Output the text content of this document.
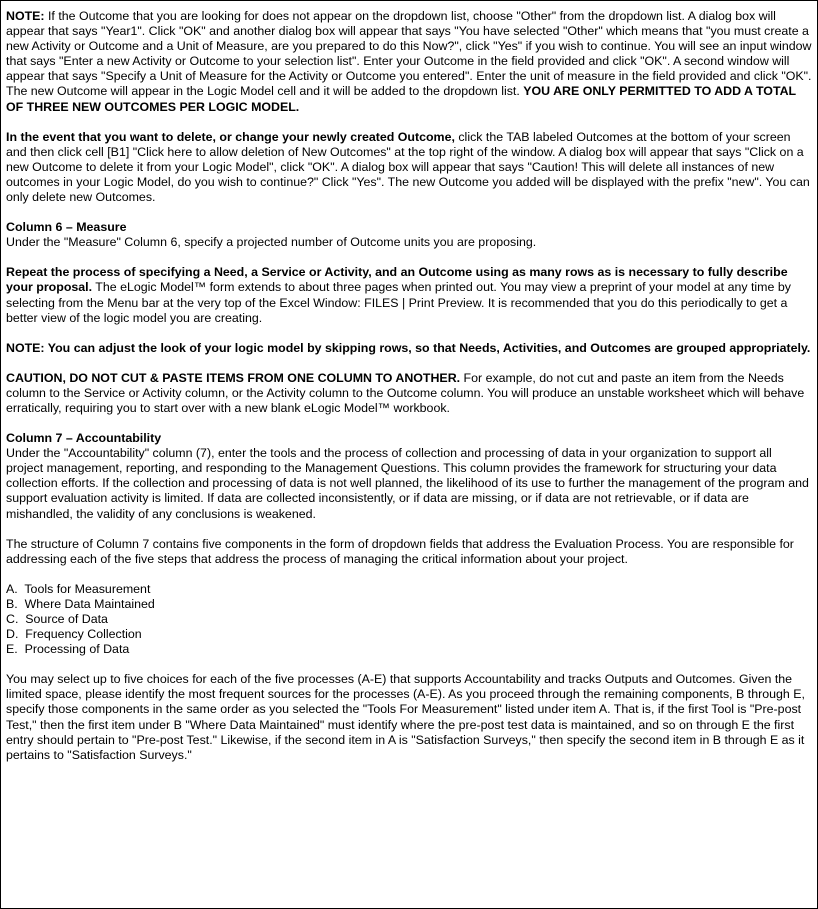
NOTE: If the Outcome that you are looking for does not appear on the dropdown list, choose "Other" from the dropdown list. A dialog box will appear that says "Year1". Click "OK" and another dialog box will appear that says "You have selected "Other" which means that "you must create a new Activity or Outcome and a Unit of Measure, are you prepared to do this Now?", click "Yes" if you wish to continue. You will see an input window that says "Enter a new Activity or Outcome to your selection list". Enter your Outcome in the field provided and click "OK". A second window will appear that says "Specify a Unit of Measure for the Activity or Outcome you entered". Enter the unit of measure in the field provided and click "OK". The new Outcome will appear in the Logic Model cell and it will be added to the dropdown list. YOU ARE ONLY PERMITTED TO ADD A TOTAL OF THREE NEW OUTCOMES PER LOGIC MODEL.

In the event that you want to delete, or change your newly created Outcome, click the TAB labeled Outcomes at the bottom of your screen and then click cell [B1] "Click here to allow deletion of New Outcomes" at the top right of the window. A dialog box will appear that says "Click on a new Outcome to delete it from your Logic Model", click "OK". A dialog box will appear that says "Caution! This will delete all instances of new outcomes in your Logic Model, do you wish to continue?" Click "Yes". The new Outcome you added will be displayed with the prefix "new". You can only delete new Outcomes.

Column 6 – Measure

Under the "Measure" Column 6, specify a projected number of Outcome units you are proposing.

Repeat the process of specifying a Need, a Service or Activity, and an Outcome using as many rows as is necessary to fully describe your proposal. The eLogic Model™ form extends to about three pages when printed out. You may view a preprint of your model at any time by selecting from the Menu bar at the very top of the Excel Window: FILES | Print Preview. It is recommended that you do this periodically to get a better view of the logic model you are creating.

NOTE: You can adjust the look of your logic model by skipping rows, so that Needs, Activities, and Outcomes are grouped appropriately.

CAUTION, DO NOT CUT & PASTE ITEMS FROM ONE COLUMN TO ANOTHER. For example, do not cut and paste an item from the Needs column to the Service or Activity column, or the Activity column to the Outcome column. You will produce an unstable worksheet which will behave erratically, requiring you to start over with a new blank eLogic Model™ workbook.

Column 7 – Accountability

Under the "Accountability" column (7), enter the tools and the process of collection and processing of data in your organization to support all project management, reporting, and responding to the Management Questions. This column provides the framework for structuring your data collection efforts. If the collection and processing of data is not well planned, the likelihood of its use to further the management of the program and support evaluation activity is limited. If data are collected inconsistently, or if data are missing, or if data are not retrievable, or if data are mishandled, the validity of any conclusions is weakened.

The structure of Column 7 contains five components in the form of dropdown fields that address the Evaluation Process. You are responsible for addressing each of the five steps that address the process of managing the critical information about your project.

A.  Tools for Measurement
B.  Where Data Maintained
C.  Source of Data
D.  Frequency Collection
E.  Processing of Data

You may select up to five choices for each of the five processes (A-E) that supports Accountability and tracks Outputs and Outcomes. Given the limited space, please identify the most frequent sources for the processes (A-E). As you proceed through the remaining components, B through E, specify those components in the same order as you selected the "Tools For Measurement" listed under item A. That is, if the first Tool is "Pre-post Test," then the first item under B "Where Data Maintained" must identify where the pre-post test data is maintained, and so on through E the first entry should pertain to "Pre-post Test." Likewise, if the second item in A is "Satisfaction Surveys," then specify the second item in B through E as it pertains to "Satisfaction Surveys."
